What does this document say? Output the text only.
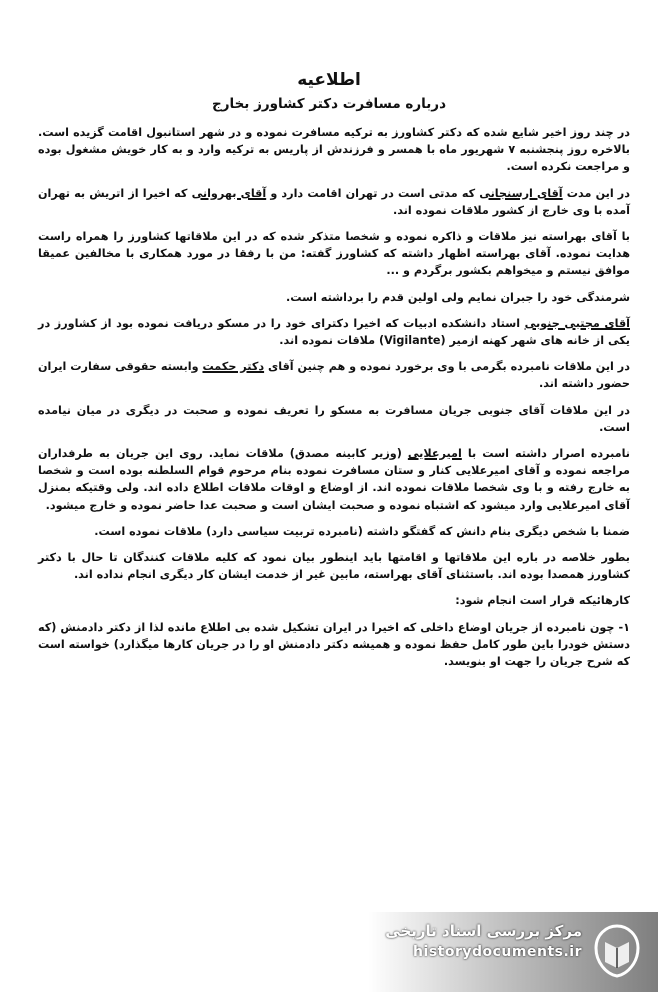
اطلاعیه
درباره مسافرت دکتر کشاورز بخارج

در چند روز اخیر شایع شده که دکتر کشاورز به ترکیه مسافرت نموده و در شهر استانبول اقامت گزیده است. بالاخره روز پنجشنبه ۷ شهریور ماه با همسر و فرزندش از پاریس به ترکیه وارد و به کار خویش مشغول بوده و مراجعت نکرده است.

در این مدت آقای ارسنجانی که مدتی است در تهران اقامت دارد و آقای بهروانی که اخیرا از اتریش به تهران آمده با وی خارج از کشور ملاقات نموده اند.

با آقای بهراسته نیز ملاقات و ذاکره نموده و شخصا متذکر شده که در این ملاقاتها کشاورز را همراه راست هدایت نموده. آقای بهراسته اظهار داشته که کشاورز گفته: من با رفقا در مورد همکاری با مخالفین عمیقا موافق نیستم و میخواهم بکشور برگردم و ...

شرمندگی خود را جبران نمایم ولی اولین قدم را برداشته است.

آقای مجتبی جنوبی استاد دانشکده ادبیات که اخیرا دکترای خود را در مسکو دریافت نموده بود از کشاورز در یکی از خانه های شهر کهنه ازمیر (Vigilante) ملاقات نموده اند.

در این ملاقات نامبرده بگرمی با وی برخورد نموده و هم چنین آقای دکتر حکمت وابسته حقوقی سفارت ایران حضور داشته اند.

در این ملاقات آقای جنوبی جریان مسافرت به مسکو را تعریف نموده و صحبت در دیگری در میان نیامده است.

نامبرده اصرار داشته است با امیرعلایی (وزیر کابینه مصدق) ملاقات نماید. روی این جریان به طرفداران مراجعه نموده و آقای امیرعلایی کنار و ستان مسافرت نموده بنام مرحوم قوام السلطنه بوده است و شخصا به خارج رفته و با وی شخصا ملاقات نموده اند. از اوضاع و اوقات ملاقات اطلاع داده اند. ولی وقتیکه بمنزل آقای امیرعلایی وارد میشود که اشتباه نموده و صحبت ایشان است و صحبت عدا حاضر نموده و خارج میشود.

ضمنا با شخص دیگری بنام دانش که گفتگو داشته (نامبرده تربیت سیاسی دارد) ملاقات نموده است.

بطور خلاصه در باره این ملاقاتها و اقامتها باید اینطور بیان نمود که کلیه ملاقات کنندگان تا حال با دکتر کشاورز همصدا بوده اند. باستثنای آقای بهراسته، مابین غیر از خدمت ایشان کار دیگری انجام نداده اند.

کارهائیکه قرار است انجام شود:

۱- چون نامبرده از جریان اوضاع داخلی که اخیرا در ایران تشکیل شده بی اطلاع مانده لذا از دکتر دادمنش (که دستش خودرا باین طور کامل حفظ نموده و همیشه دکتر دادمنش او را در جریان کارها میگذارد) خواسته است که شرح جریان را جهت او بنویسد.

مرکز بررسی اسناد تاریخی
historydocuments.ir
